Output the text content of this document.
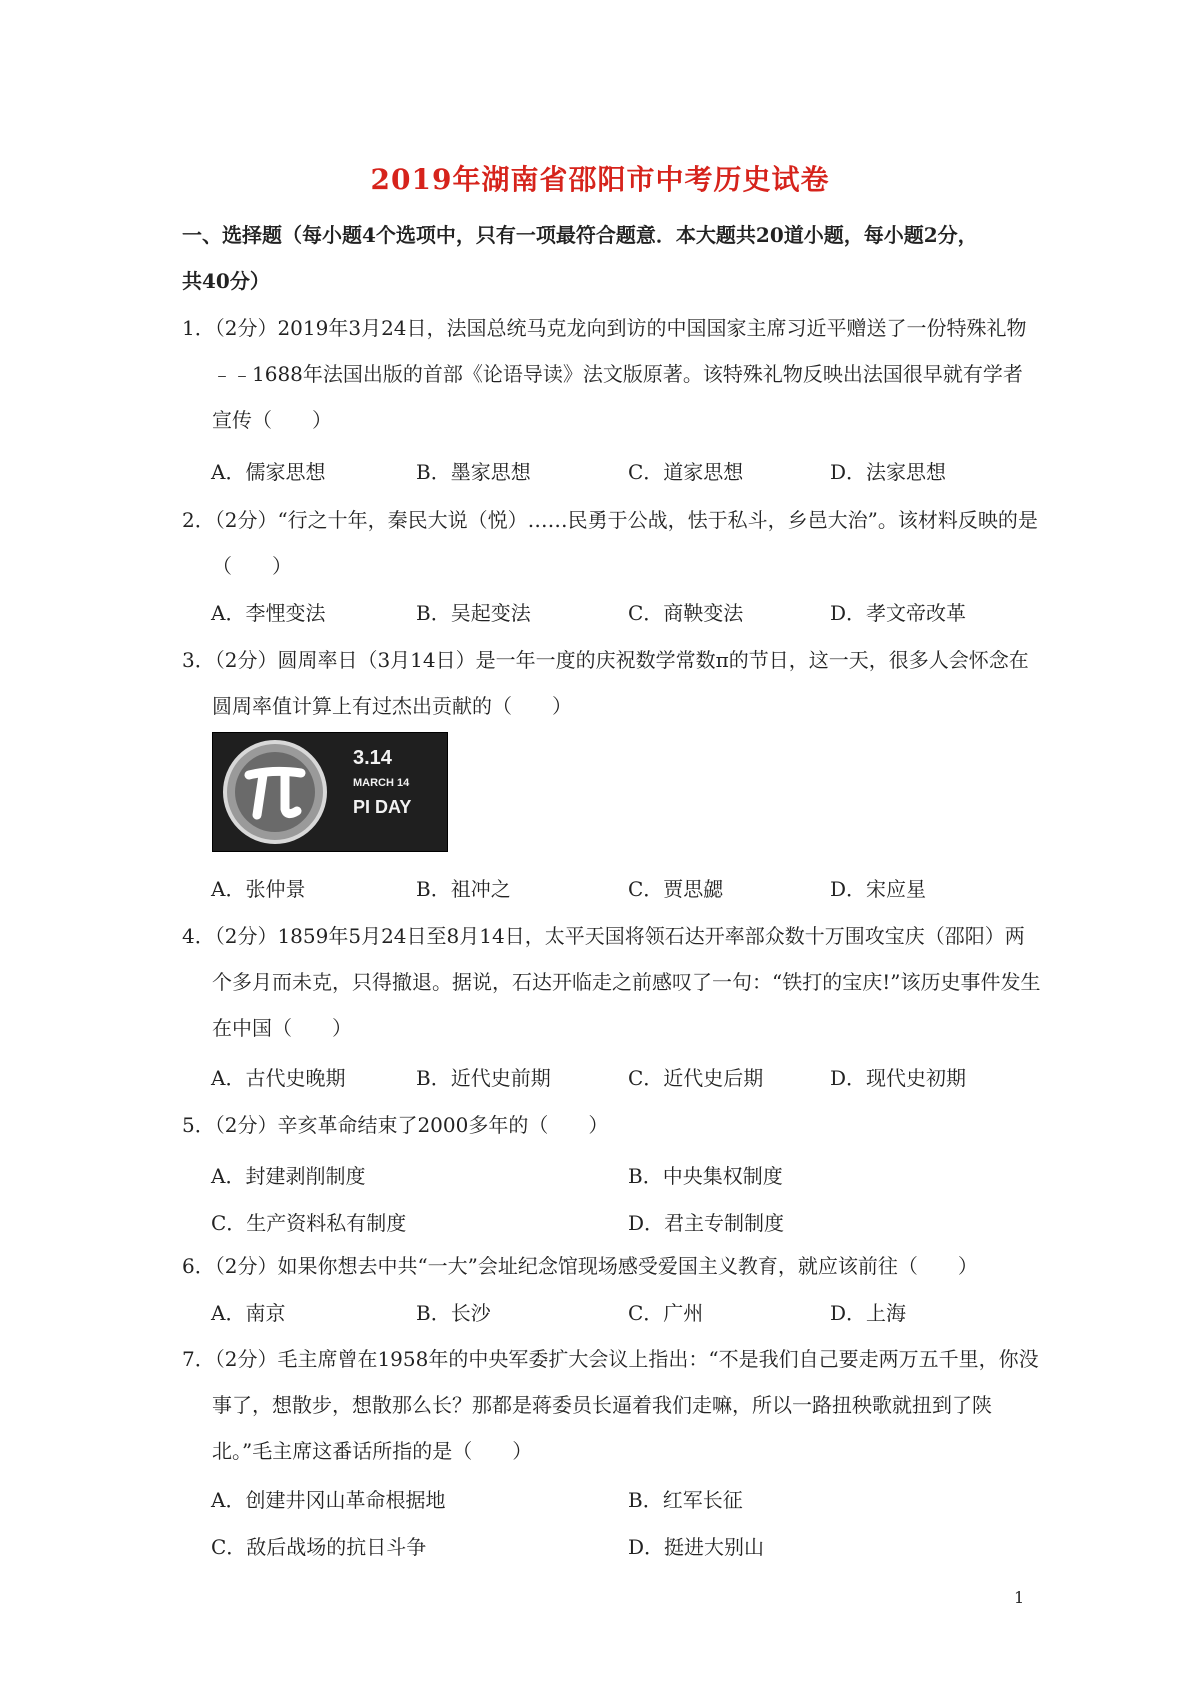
2019年湖南省邵阳市中考历史试卷
一、选择题（每小题4个选项中，只有一项最符合题意．本大题共20道小题，每小题2分，
共40分）
1．（2分）2019年3月24日，法国总统马克龙向到访的中国国家主席习近平赠送了一份特殊礼物﹣﹣1688年法国出版的首部《论语导读》法文版原著。该特殊礼物反映出法国很早就有学者宣传（　　）
A．儒家思想	B．墨家思想	C．道家思想	D．法家思想
2．（2分）“行之十年，秦民大说（悦）……民勇于公战，怯于私斗，乡邑大治”。该材料反映的是（　　）
A．李悝变法	B．吴起变法	C．商鞅变法	D．孝文帝改革
3．（2分）圆周率日（3月14日）是一年一度的庆祝数学常数π的节日，这一天，很多人会怀念在圆周率值计算上有过杰出贡献的（　　）
3.14
MARCH 14
PI DAY
A．张仲景	B．祖冲之	C．贾思勰	D．宋应星
4．（2分）1859年5月24日至8月14日，太平天国将领石达开率部众数十万围攻宝庆（邵阳）两个多月而未克，只得撤退。据说，石达开临走之前感叹了一句：“铁打的宝庆!”该历史事件发生在中国（　　）
A．古代史晚期	B．近代史前期	C．近代史后期	D．现代史初期
5．（2分）辛亥革命结束了2000多年的（　　）
A．封建剥削制度	B．中央集权制度
C．生产资料私有制度	D．君主专制制度
6．（2分）如果你想去中共“一大”会址纪念馆现场感受爱国主义教育，就应该前往（　　）
A．南京	B．长沙	C．广州	D．上海
7．（2分）毛主席曾在1958年的中央军委扩大会议上指出：“不是我们自己要走两万五千里，你没事了，想散步，想散那么长？那都是蒋委员长逼着我们走嘛，所以一路扭秧歌就扭到了陕北。”毛主席这番话所指的是（　　）
A．创建井冈山革命根据地	B．红军长征
C．敌后战场的抗日斗争	D．挺进大别山
1
